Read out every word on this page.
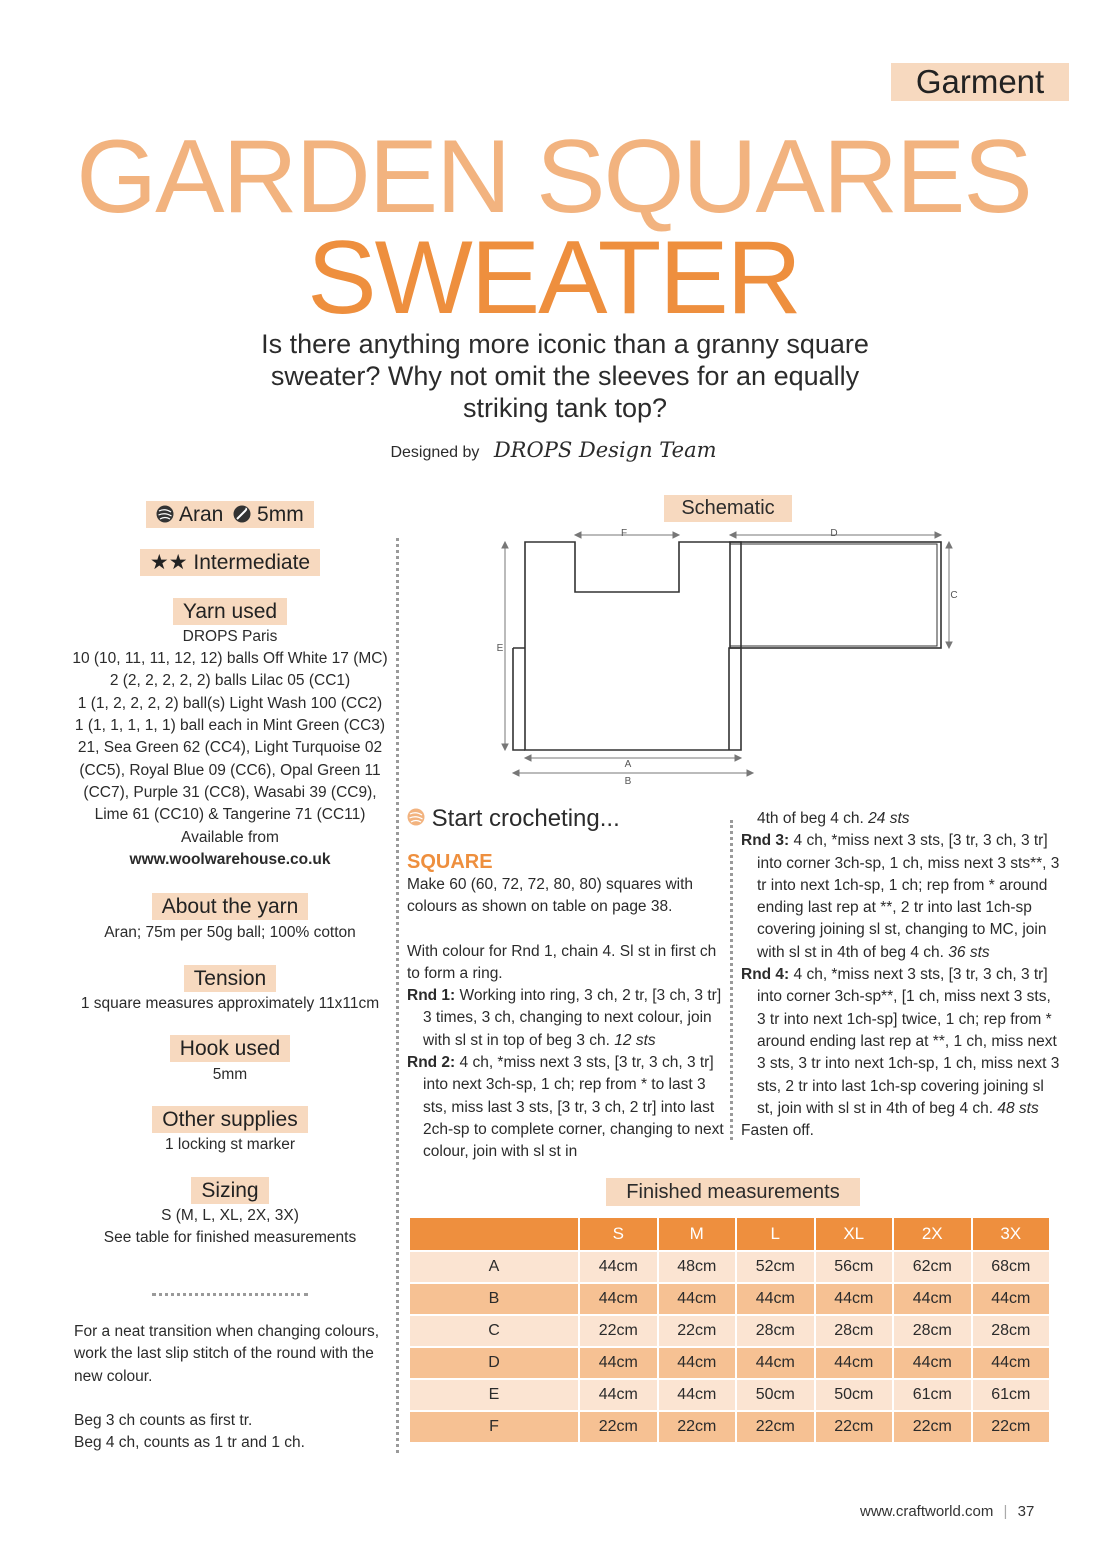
Garment
GARDEN SQUARES
SWEATER
Is there anything more iconic than a granny square sweater? Why not omit the sleeves for an equally striking tank top?
Designed by DROPS Design Team
Aran 5mm
★★ Intermediate
Yarn used

DROPS Paris

10 (10, 11, 11, 12, 12) balls Off White 17 (MC)

2 (2, 2, 2, 2, 2) balls Lilac 05 (CC1)

1 (1, 2, 2, 2, 2) ball(s) Light Wash 100 (CC2)

1 (1, 1, 1, 1, 1) ball each in Mint Green (CC3)

21, Sea Green 62 (CC4), Light Turquoise 02

(CC5), Royal Blue 09 (CC6), Opal Green 11

(CC7), Purple 31 (CC8), Wasabi 39 (CC9),

Lime 61 (CC10) & Tangerine 71 (CC11)

Available from

www.woolwarehouse.co.uk

About the yarn

Aran; 75m per 50g ball; 100% cotton

Tension

1 square measures approximately 11x11cm

Hook used

5mm

Other supplies

1 locking st marker

Sizing

S (M, L, XL, 2X, 3X)

See table for finished measurements

For a neat transition when changing colours, work the last slip stitch of the round with the new colour.

Beg 3 ch counts as first tr.
Beg 4 ch, counts as 1 tr and 1 ch.

Schematic
F	D
C
E
A
B

Start crocheting...

SQUARE

Make 60 (60, 72, 72, 80, 80) squares with colours as shown on table on page 38.

With colour for Rnd 1, chain 4. Sl st in first ch to form a ring.

Rnd 1: Working into ring, 3 ch, 2 tr, [3 ch, 3 tr] 3 times, 3 ch, changing to next colour, join with sl st in top of beg 3 ch. 12 sts

Rnd 2: 4 ch, *miss next 3 sts, [3 tr, 3 ch, 3 tr] into next 3ch-sp, 1 ch; rep from * to last 3 sts, miss last 3 sts, [3 tr, 3 ch, 2 tr] into last 2ch-sp to complete corner, changing to next colour, join with sl st in

4th of beg 4 ch. 24 sts

Rnd 3: 4 ch, *miss next 3 sts, [3 tr, 3 ch, 3 tr] into corner 3ch-sp, 1 ch, miss next 3 sts**, 3 tr into next 1ch-sp, 1 ch; rep from * around ending last rep at **, 2 tr into last 1ch-sp covering joining sl st, changing to MC, join with sl st in 4th of beg 4 ch. 36 sts

Rnd 4: 4 ch, *miss next 3 sts, [3 tr, 3 ch, 3 tr] into corner 3ch-sp**, [1 ch, miss next 3 sts, 3 tr into next 1ch-sp] twice, 1 ch; rep from * around ending last rep at **, 1 ch, miss next 3 sts, 3 tr into next 1ch-sp, 1 ch, miss next 3 sts, 2 tr into last 1ch-sp covering joining sl st, join with sl st in 4th of beg 4 ch. 48 sts

Fasten off.

Finished measurements
	S	M	L	XL	2X	3X
A	44cm	48cm	52cm	56cm	62cm	68cm
B	44cm	44cm	44cm	44cm	44cm	44cm
C	22cm	22cm	28cm	28cm	28cm	28cm
D	44cm	44cm	44cm	44cm	44cm	44cm
E	44cm	44cm	50cm	50cm	61cm	61cm
F	22cm	22cm	22cm	22cm	22cm	22cm
www.craftworld.com | 37
